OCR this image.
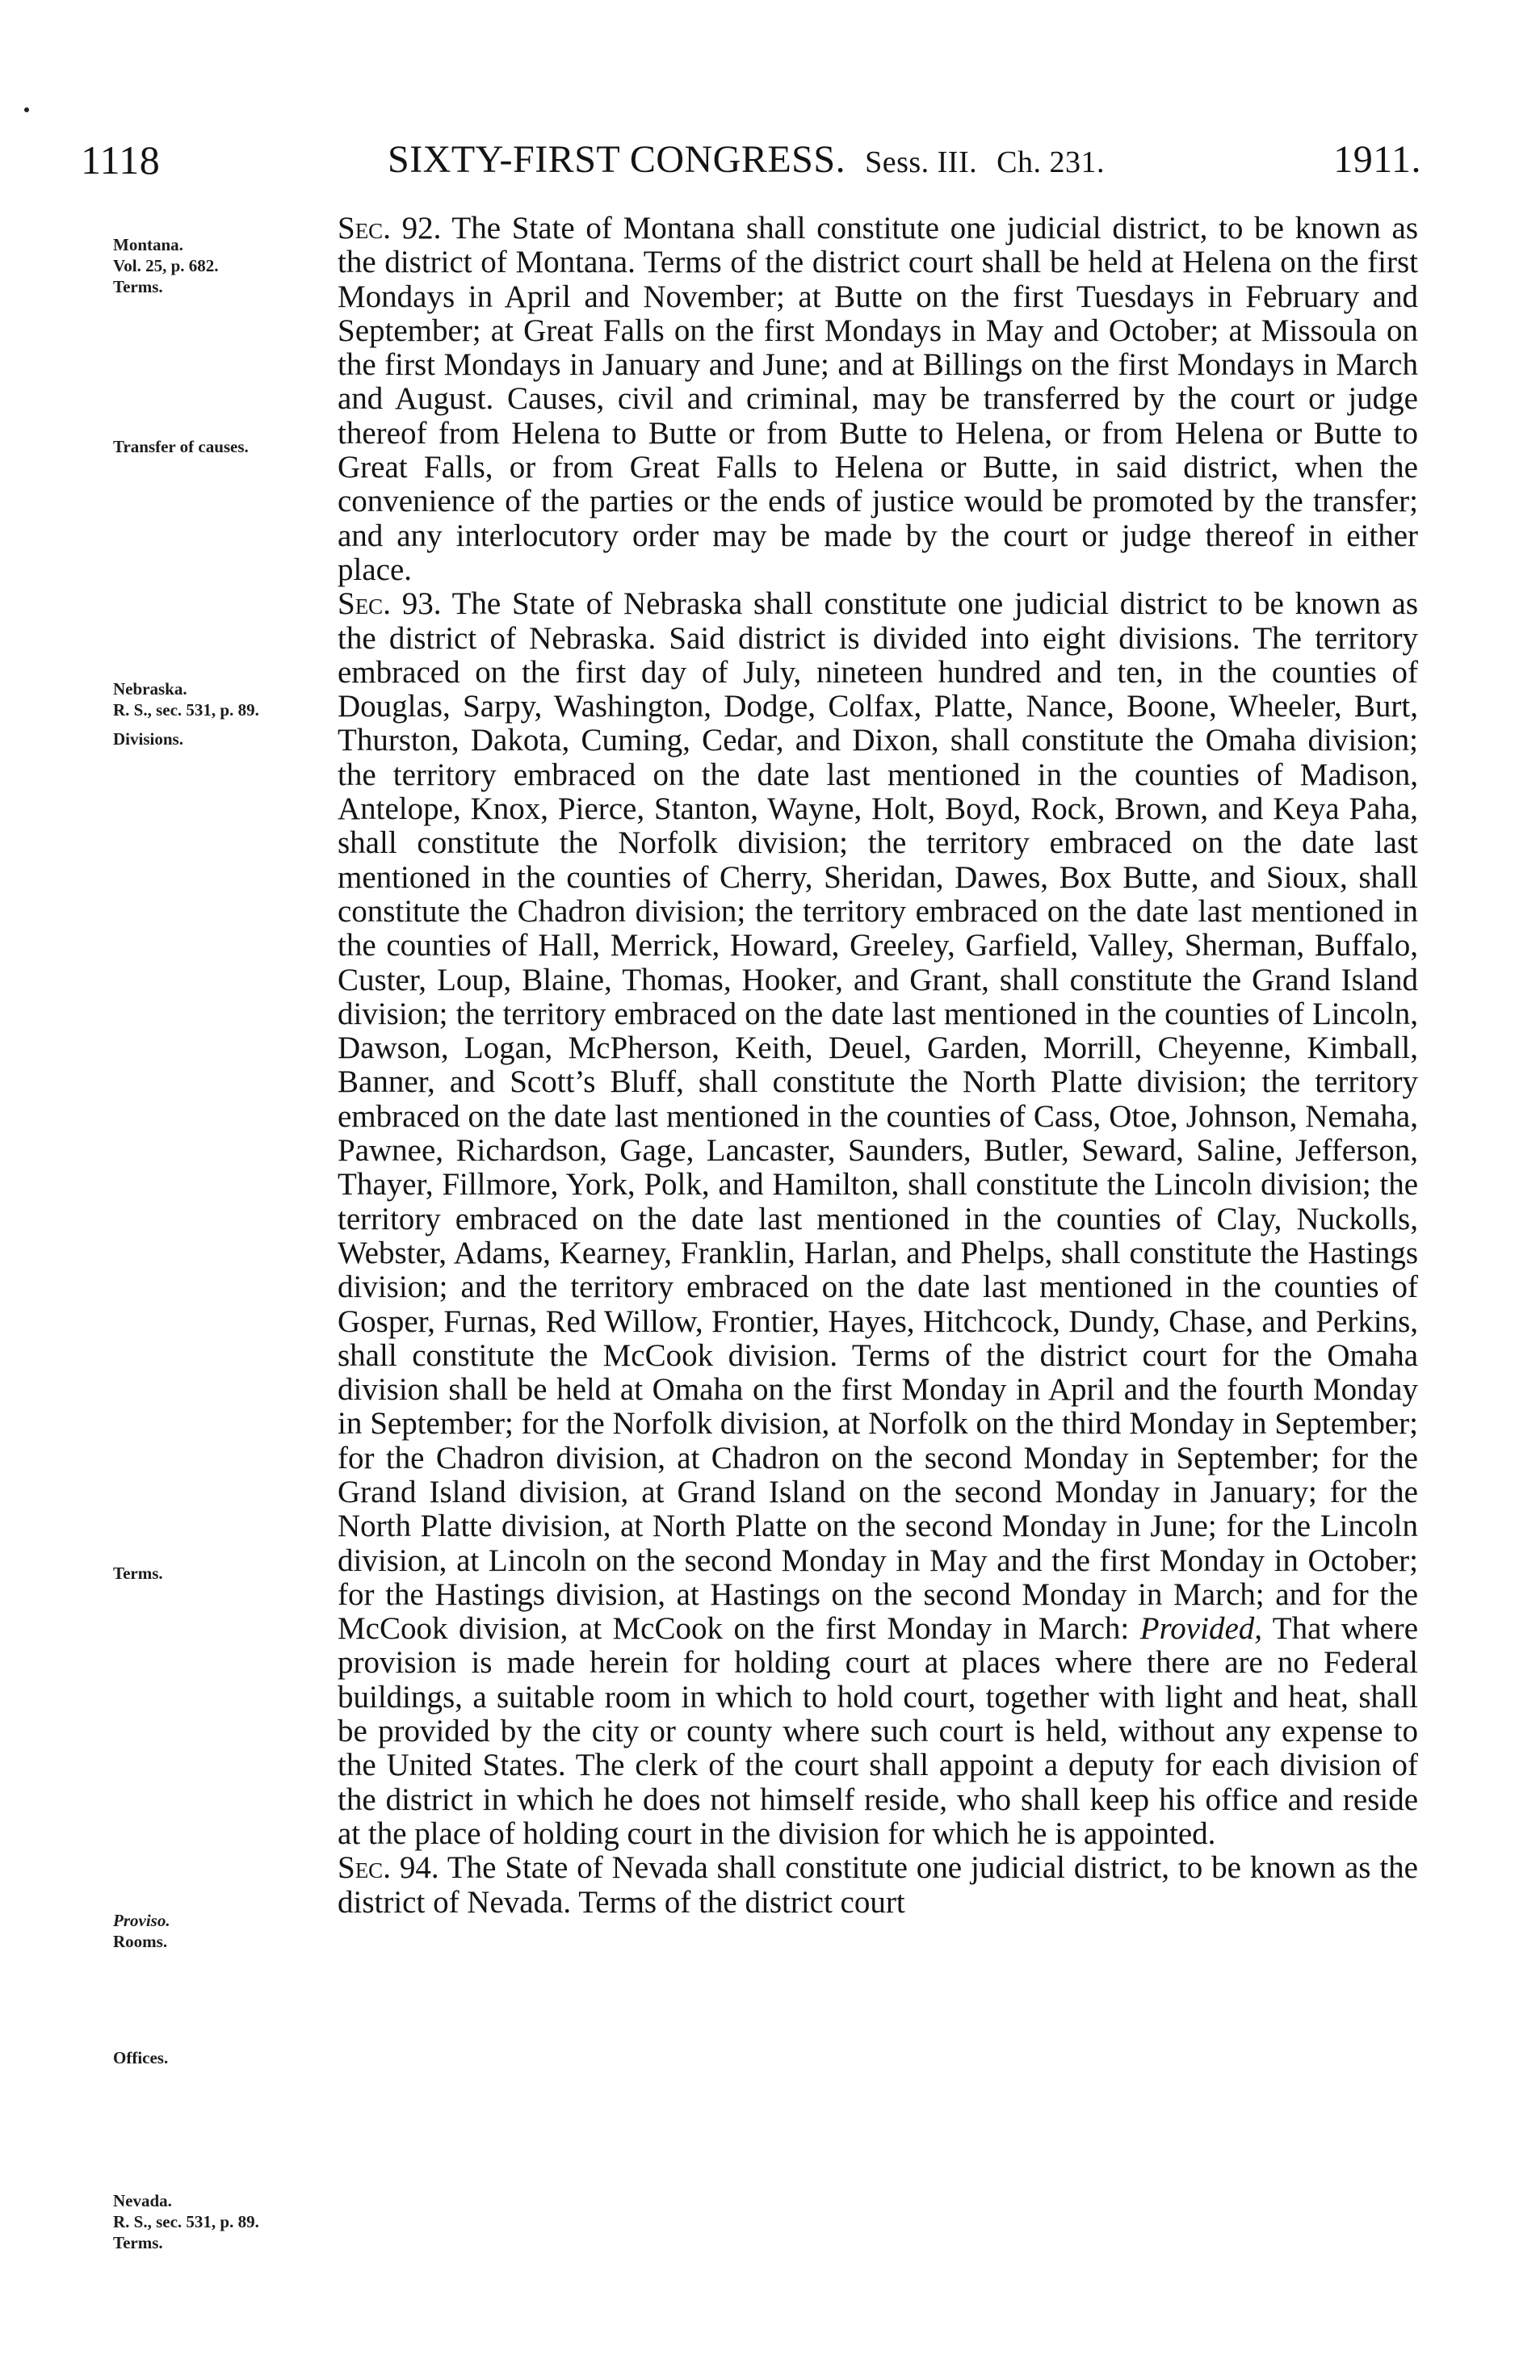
1118	SIXTY-FIRST CONGRESS. Sess. III. Ch. 231.	1911.
Montana.
Vol. 25, p. 682.
Terms.
Transfer of causes.
Nebraska.
R. S., sec. 531, p. 89.
Divisions.
Terms.
Proviso.
Rooms.
Offices.
Nevada.
R. S., sec. 531, p. 89.
Terms.

Sec. 92. The State of Montana shall constitute one judicial district, to be known as the district of Montana. Terms of the district court shall be held at Helena on the first Mondays in April and November; at Butte on the first Tuesdays in February and September; at Great Falls on the first Mondays in May and October; at Missoula on the first Mondays in January and June; and at Billings on the first Mondays in March and August. Causes, civil and criminal, may be transferred by the court or judge thereof from Helena to Butte or from Butte to Helena, or from Helena or Butte to Great Falls, or from Great Falls to Helena or Butte, in said district, when the convenience of the parties or the ends of justice would be promoted by the transfer; and any interlocutory order may be made by the court or judge thereof in either place.

Sec. 93. The State of Nebraska shall constitute one judicial district to be known as the district of Nebraska. Said district is divided into eight divisions. The territory embraced on the first day of July, nineteen hundred and ten, in the counties of Douglas, Sarpy, Washington, Dodge, Colfax, Platte, Nance, Boone, Wheeler, Burt, Thurston, Dakota, Cuming, Cedar, and Dixon, shall constitute the Omaha division; the territory embraced on the date last mentioned in the counties of Madison, Antelope, Knox, Pierce, Stanton, Wayne, Holt, Boyd, Rock, Brown, and Keya Paha, shall constitute the Norfolk division; the territory embraced on the date last mentioned in the counties of Cherry, Sheridan, Dawes, Box Butte, and Sioux, shall constitute the Chadron division; the territory embraced on the date last mentioned in the counties of Hall, Merrick, Howard, Greeley, Garfield, Valley, Sherman, Buffalo, Custer, Loup, Blaine, Thomas, Hooker, and Grant, shall constitute the Grand Island division; the territory embraced on the date last mentioned in the counties of Lincoln, Dawson, Logan, McPherson, Keith, Deuel, Garden, Morrill, Cheyenne, Kimball, Banner, and Scott’s Bluff, shall constitute the North Platte division; the territory embraced on the date last mentioned in the counties of Cass, Otoe, Johnson, Nemaha, Pawnee, Richardson, Gage, Lancaster, Saunders, Butler, Seward, Saline, Jefferson, Thayer, Fillmore, York, Polk, and Hamilton, shall constitute the Lincoln division; the territory embraced on the date last mentioned in the counties of Clay, Nuckolls, Webster, Adams, Kearney, Franklin, Harlan, and Phelps, shall constitute the Hastings division; and the territory embraced on the date last mentioned in the counties of Gosper, Furnas, Red Willow, Frontier, Hayes, Hitchcock, Dundy, Chase, and Perkins, shall constitute the McCook division. Terms of the district court for the Omaha division shall be held at Omaha on the first Monday in April and the fourth Monday in September; for the Norfolk division, at Norfolk on the third Monday in September; for the Chadron division, at Chadron on the second Monday in September; for the Grand Island division, at Grand Island on the second Monday in January; for the North Platte division, at North Platte on the second Monday in June; for the Lincoln division, at Lincoln on the second Monday in May and the first Monday in October; for the Hastings division, at Hastings on the second Monday in March; and for the McCook division, at McCook on the first Monday in March: Provided, That where provision is made herein for holding court at places where there are no Federal buildings, a suitable room in which to hold court, together with light and heat, shall be provided by the city or county where such court is held, without any expense to the United States. The clerk of the court shall appoint a deputy for each division of the district in which he does not himself reside, who shall keep his office and reside at the place of holding court in the division for which he is appointed.

Sec. 94. The State of Nevada shall constitute one judicial district, to be known as the district of Nevada. Terms of the district court
